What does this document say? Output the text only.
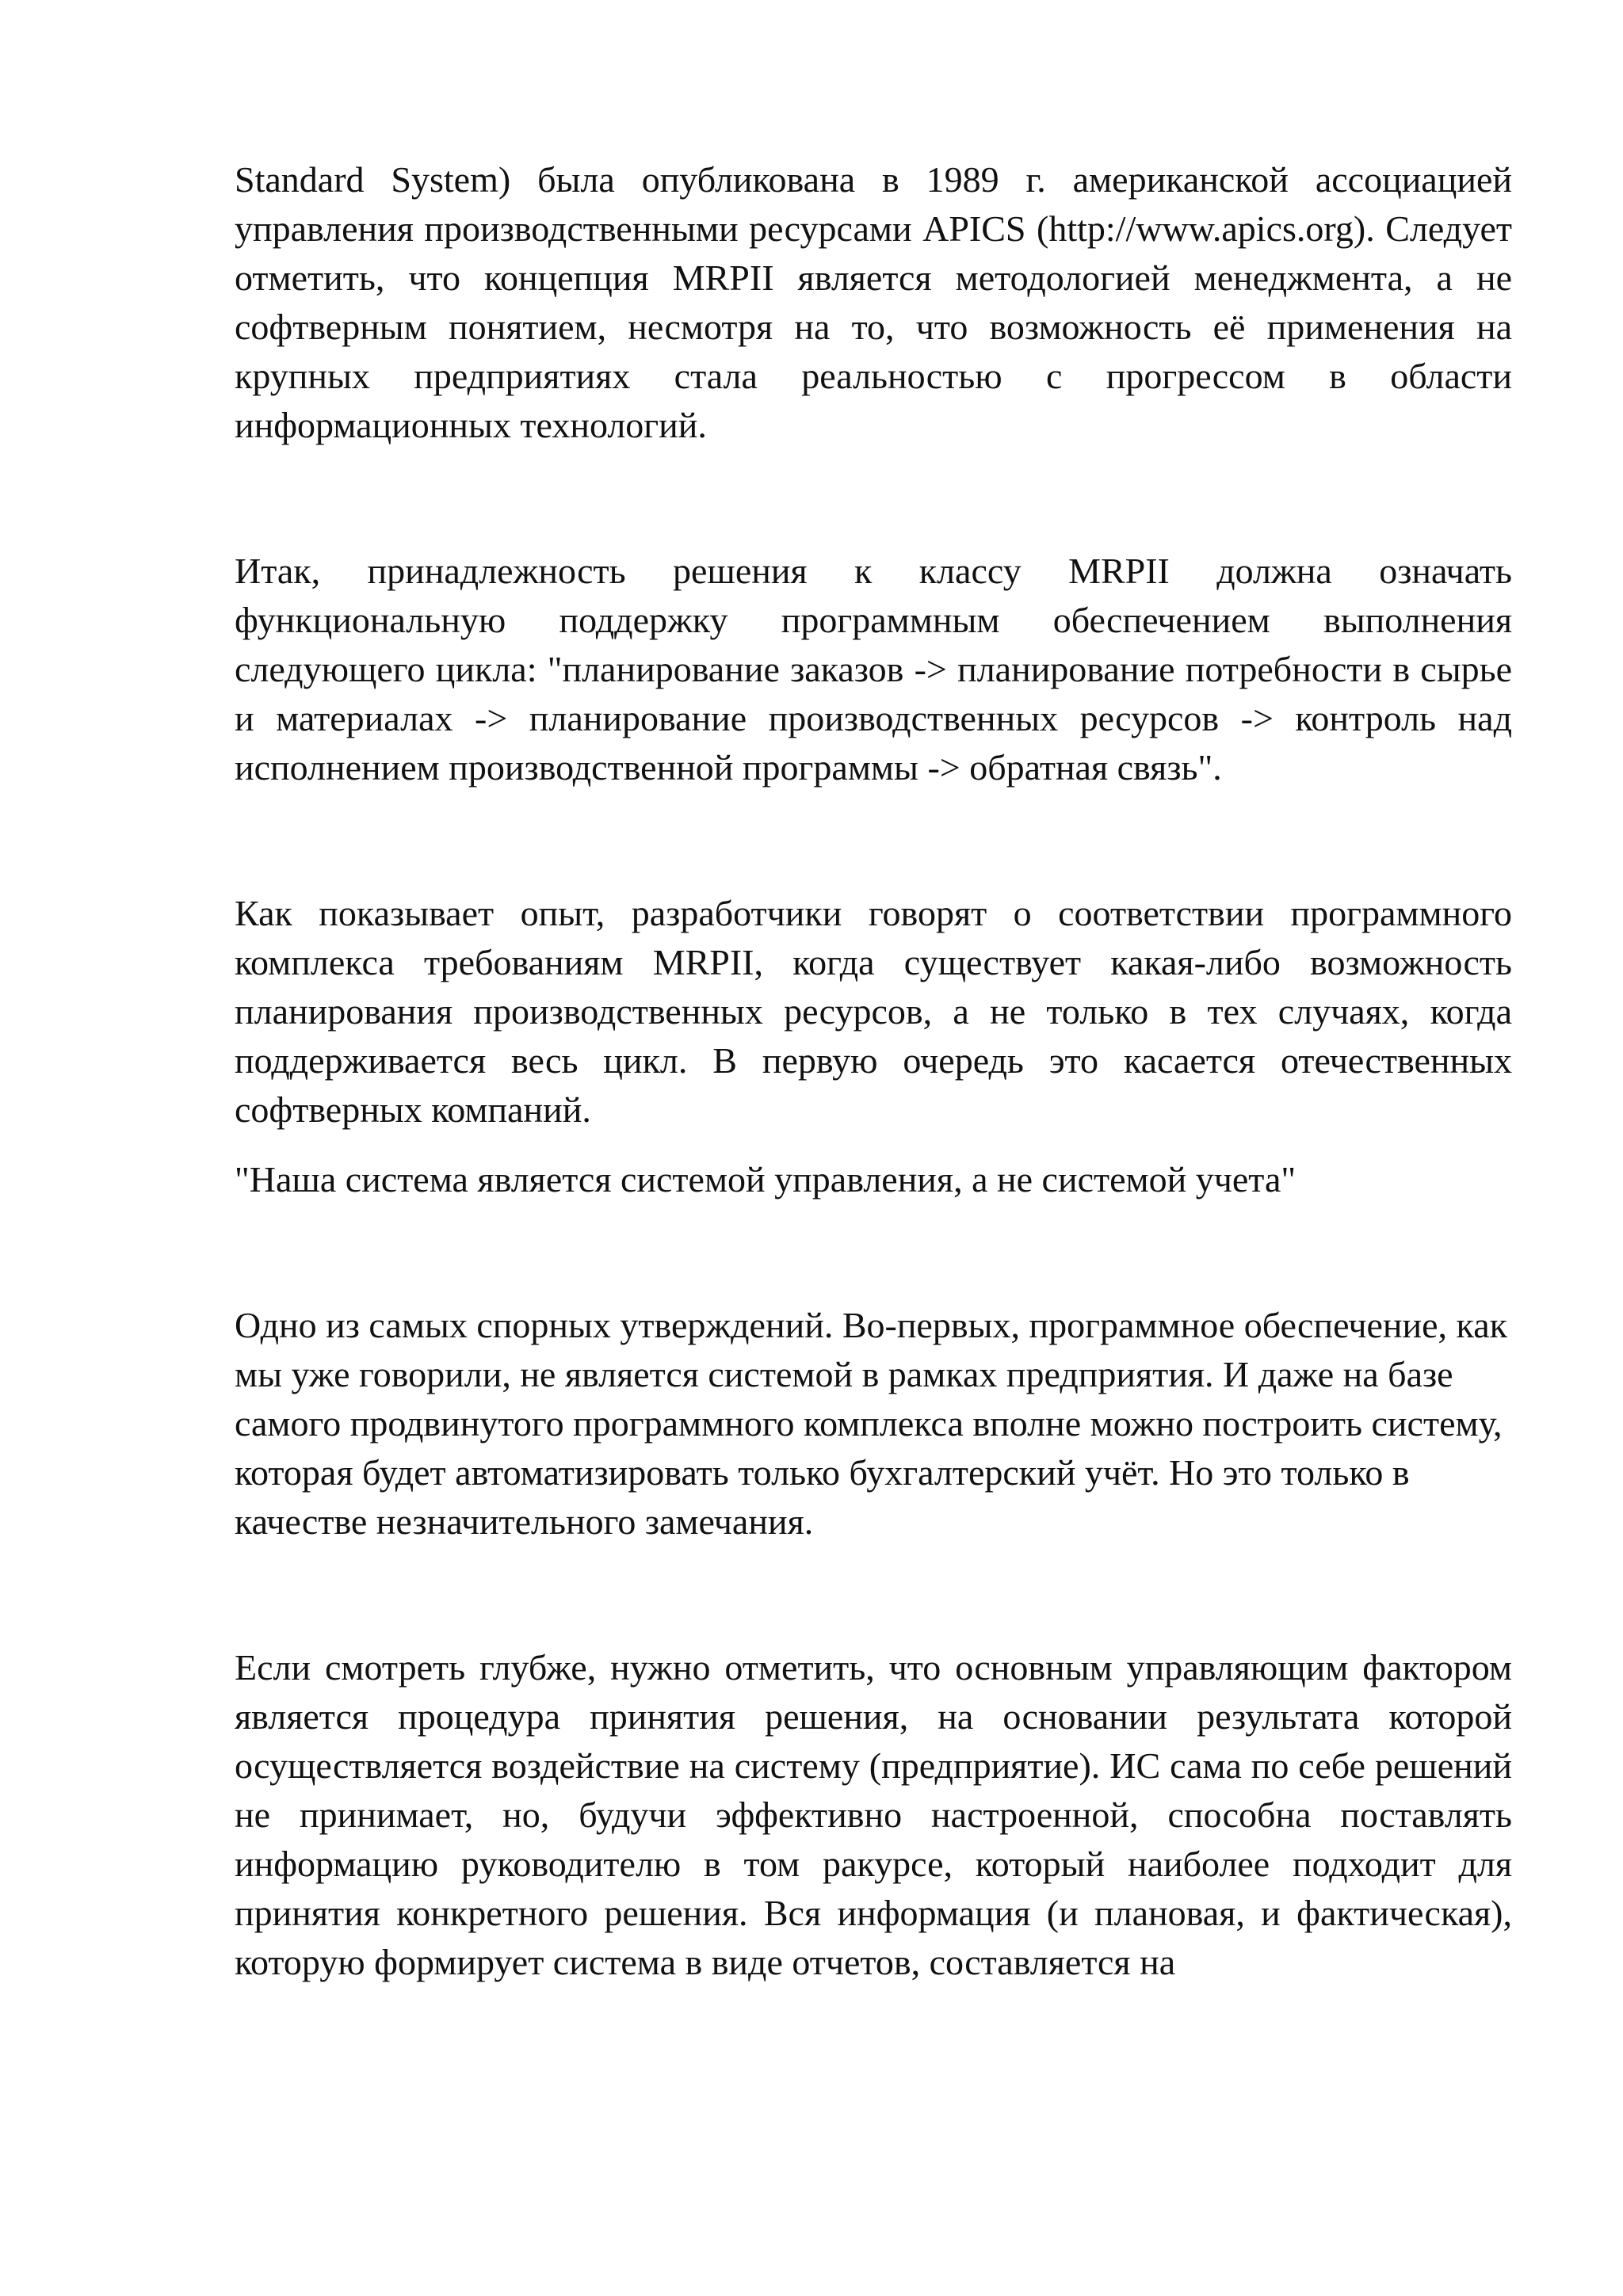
Standard System) была опубликована в 1989 г. американской ассоциацией управления производственными ресурсами APICS (http://www.apics.org). Следует отметить, что концепция MRPII является методологией менеджмента, а не софтверным понятием, несмотря на то, что возможность её применения на крупных предприятиях стала реальностью с прогрессом в области информационных технологий.

Итак, принадлежность решения к классу MRPII должна означать функциональную поддержку программным обеспечением выполнения следующего цикла: "планирование заказов -> планирование потребности в сырье и материалах -> планирование производственных ресурсов -> контроль над исполнением производственной программы -> обратная связь".

Как показывает опыт, разработчики говорят о соответствии программного комплекса требованиям MRPII, когда существует какая-либо возможность планирования производственных ресурсов, а не только в тех случаях, когда поддерживается весь цикл. В первую очередь это касается отечественных софтверных компаний.

"Наша система является системой управления, а не системой учета"

Одно из самых спорных утверждений. Во-первых, программное обеспечение, как мы уже говорили, не является системой в рамках предприятия. И даже на базе самого продвинутого программного комплекса вполне можно построить систему, которая будет автоматизировать только бухгалтерский учёт. Но это только в качестве незначительного замечания.

Если смотреть глубже, нужно отметить, что основным управляющим фактором является процедура принятия решения, на основании результата которой осуществляется воздействие на систему (предприятие). ИС сама по себе решений не принимает, но, будучи эффективно настроенной, способна поставлять информацию руководителю в том ракурсе, который наиболее подходит для принятия конкретного решения. Вся информация (и плановая, и фактическая), которую формирует система в виде отчетов, составляется на
